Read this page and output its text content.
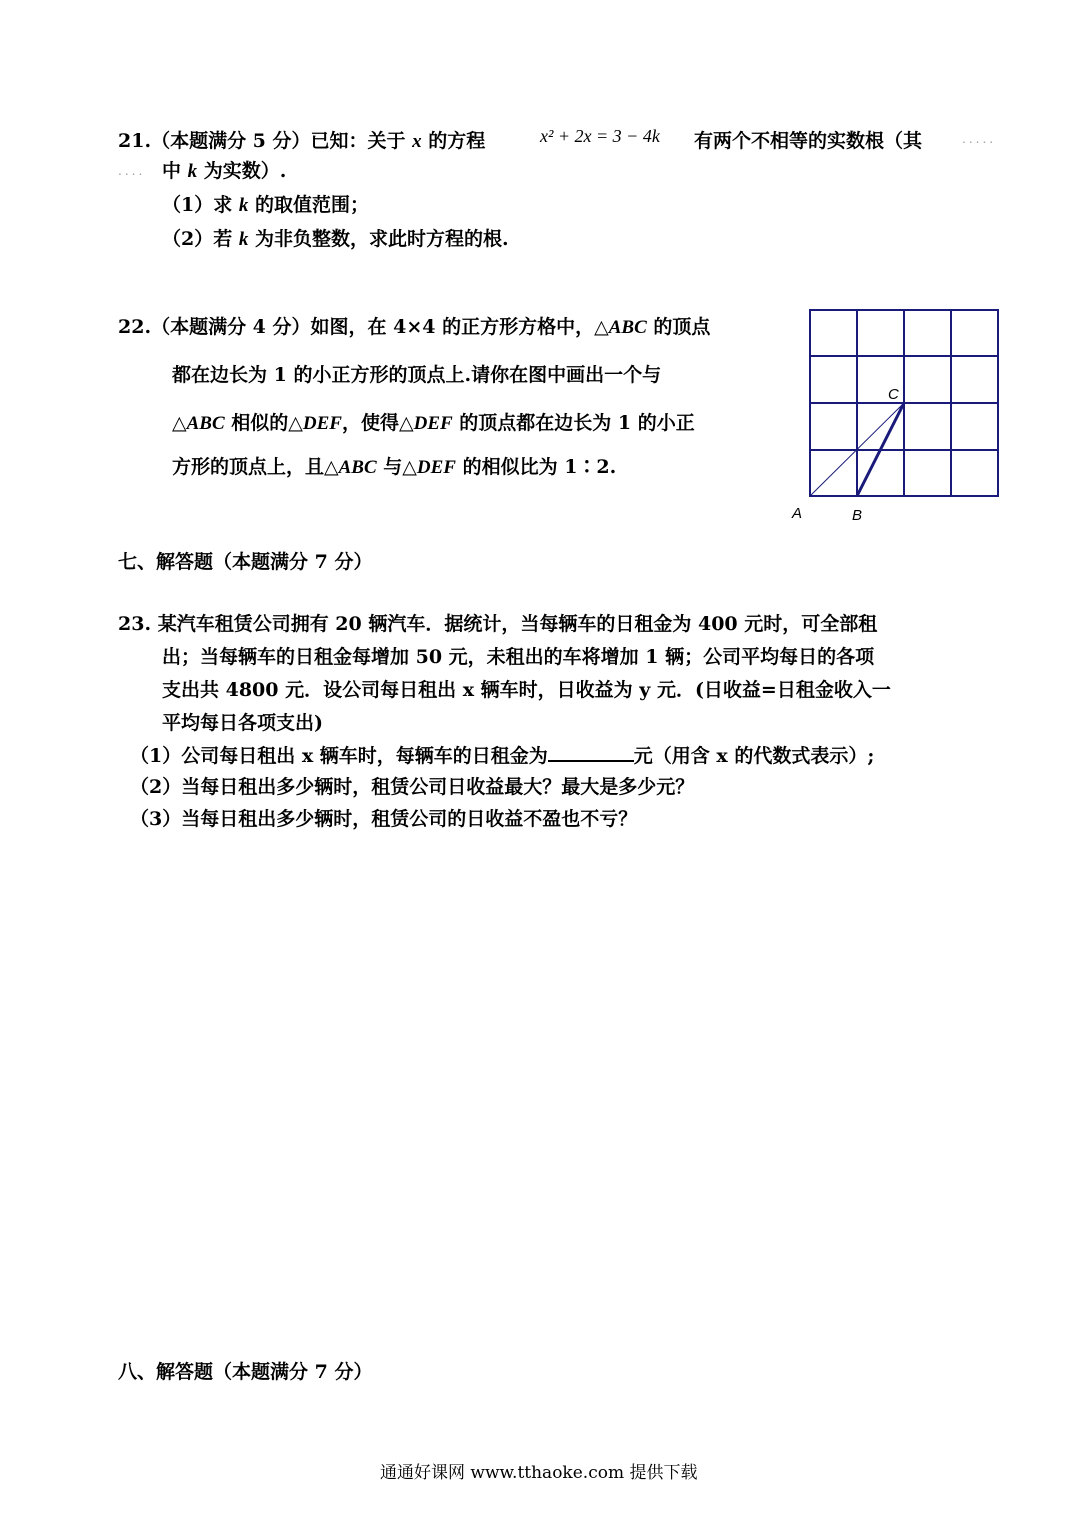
21.（本题满分 5 分）已知：关于 x 的方程	x² + 2x = 3 − 4k 有两个不相等的实数根（其	.....
.... 中 k 为实数）.
（1）求 k 的取值范围；
（2）若 k 为非负整数，求此时方程的根.
22.（本题满分 4 分）如图，在 4×4 的正方形方格中，△ABC 的顶点
都在边长为 1 的小正方形的顶点上.请你在图中画出一个与
△ABC 相似的△DEF，使得△DEF 的顶点都在边长为 1 的小正
方形的顶点上，且△ABC 与△DEF 的相似比为 1∶2.
A	B
C
七、解答题（本题满分 7 分）
23. 某汽车租赁公司拥有 20 辆汽车．据统计，当每辆车的日租金为 400 元时，可全部租
出；当每辆车的日租金每增加 50 元，未租出的车将增加 1 辆；公司平均每日的各项
支出共 4800 元．设公司每日租出 x 辆车时，日收益为 y 元．(日收益=日租金收入一
平均每日各项支出)
（1）公司每日租出 x 辆车时，每辆车的日租金为	元（用含 x 的代数式表示）;
（2）当每日租出多少辆时，租赁公司日收益最大？最大是多少元？
（3）当每日租出多少辆时，租赁公司的日收益不盈也不亏？
八、解答题（本题满分 7 分）
通通好课网 www.tthaoke.com 提供下载
